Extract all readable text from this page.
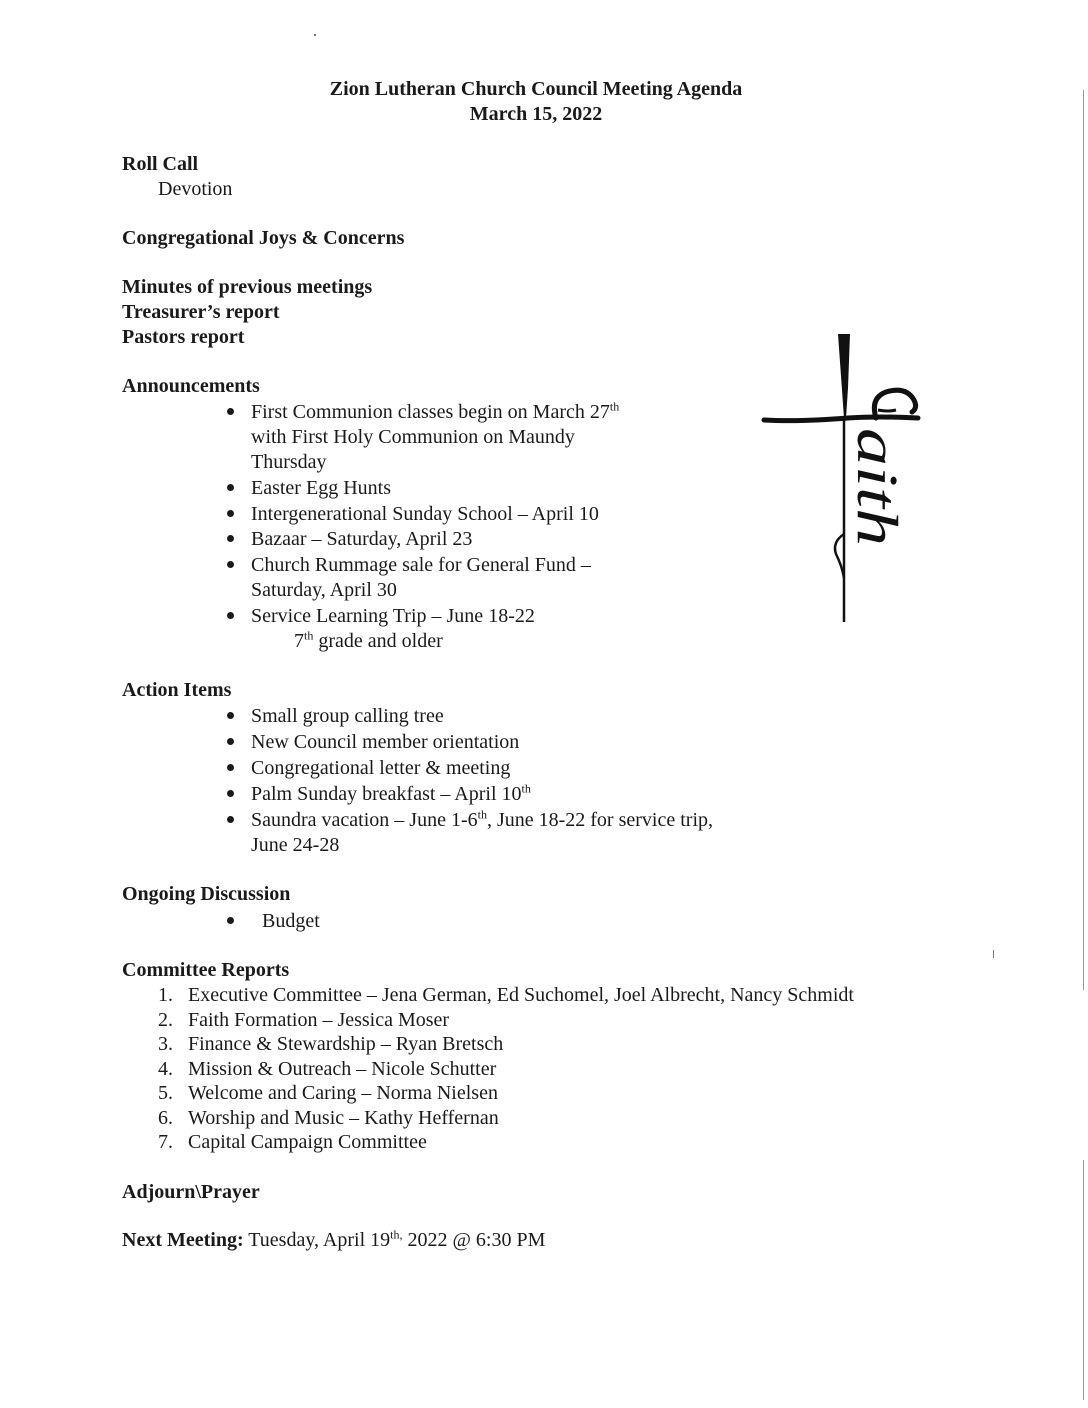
Zion Lutheran Church Council Meeting Agenda
March 15, 2022
Roll Call
Devotion
Congregational Joys & Concerns
Minutes of previous meetings
Treasurer’s report
Pastors report
Announcements
First Communion classes begin on March 27th
with First Holy Communion on Maundy
Thursday
Easter Egg Hunts
Intergenerational Sunday School – April 10
Bazaar – Saturday, April 23
Church Rummage sale for General Fund –
Saturday, April 30
Service Learning Trip – June 18-22
7th grade and older
Action Items
Small group calling tree
New Council member orientation
Congregational letter & meeting
Palm Sunday breakfast – April 10th
Saundra vacation – June 1-6th, June 18-22 for service trip,
June 24-28
Ongoing Discussion
Budget
Committee Reports
1. Executive Committee – Jena German, Ed Suchomel, Joel Albrecht, Nancy Schmidt
2. Faith Formation – Jessica Moser
3. Finance & Stewardship – Ryan Bretsch
4. Mission & Outreach – Nicole Schutter
5. Welcome and Caring – Norma Nielsen
6. Worship and Music – Kathy Heffernan
7. Capital Campaign Committee
Adjourn\Prayer
Next Meeting: Tuesday, April $19^{th,}$ 2022 @ 6:30 PM
aith
